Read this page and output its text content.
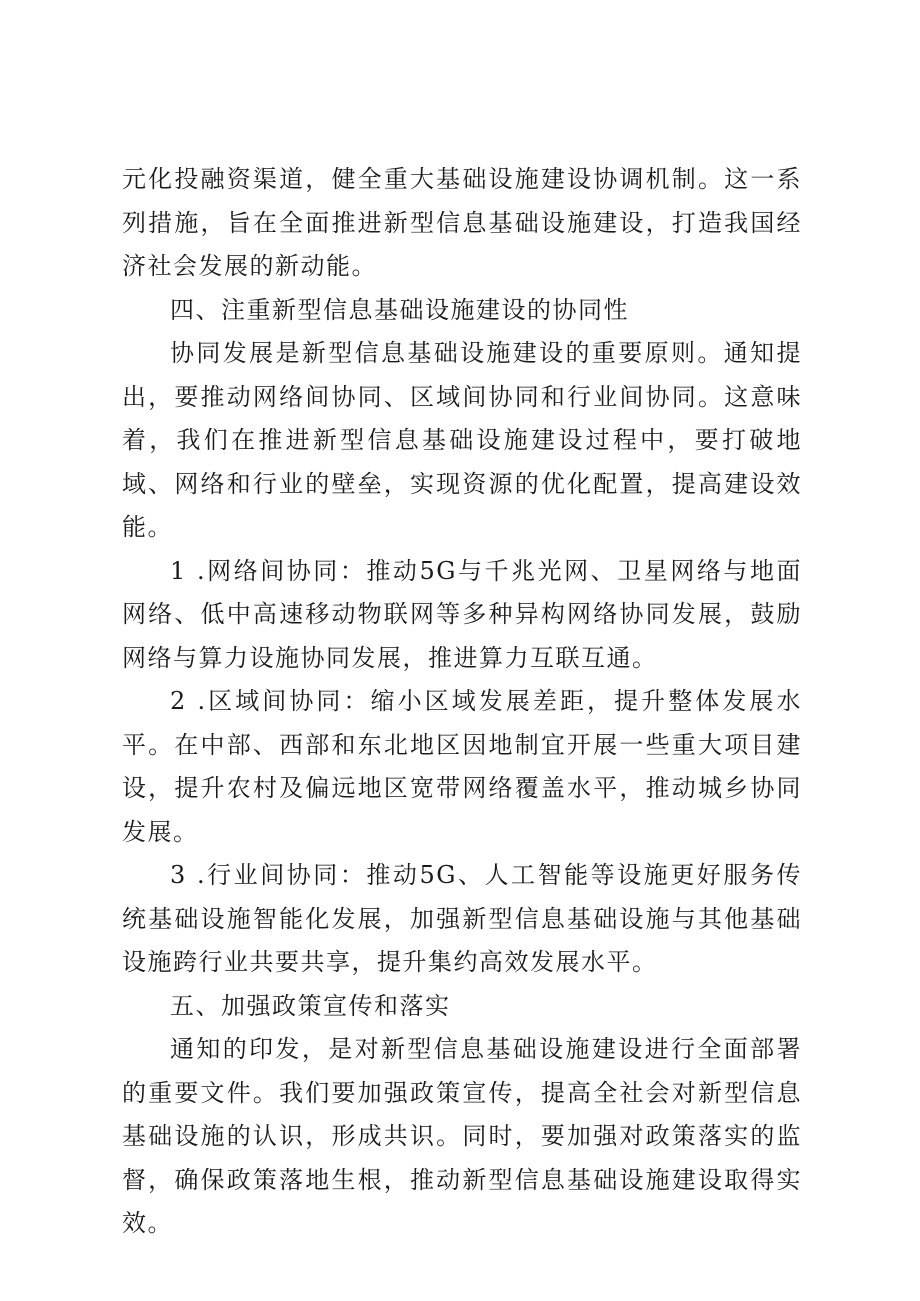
元化投融资渠道，健全重大基础设施建设协调机制。这一系列措施，旨在全面推进新型信息基础设施建设，打造我国经济社会发展的新动能。

四、注重新型信息基础设施建设的协同性

协同发展是新型信息基础设施建设的重要原则。通知提出，要推动网络间协同、区域间协同和行业间协同。这意味着，我们在推进新型信息基础设施建设过程中，要打破地域、网络和行业的壁垒，实现资源的优化配置，提高建设效能。

1 .网络间协同：推动5G与千兆光网、卫星网络与地面网络、低中高速移动物联网等多种异构网络协同发展，鼓励网络与算力设施协同发展，推进算力互联互通。

2 .区域间协同：缩小区域发展差距，提升整体发展水平。在中部、西部和东北地区因地制宜开展一些重大项目建设，提升农村及偏远地区宽带网络覆盖水平，推动城乡协同发展。

3 .行业间协同：推动5G、人工智能等设施更好服务传统基础设施智能化发展，加强新型信息基础设施与其他基础设施跨行业共要共享，提升集约高效发展水平。

五、加强政策宣传和落实

通知的印发，是对新型信息基础设施建设进行全面部署的重要文件。我们要加强政策宣传，提高全社会对新型信息基础设施的认识，形成共识。同时，要加强对政策落实的监督，确保政策落地生根，推动新型信息基础设施建设取得实效。
